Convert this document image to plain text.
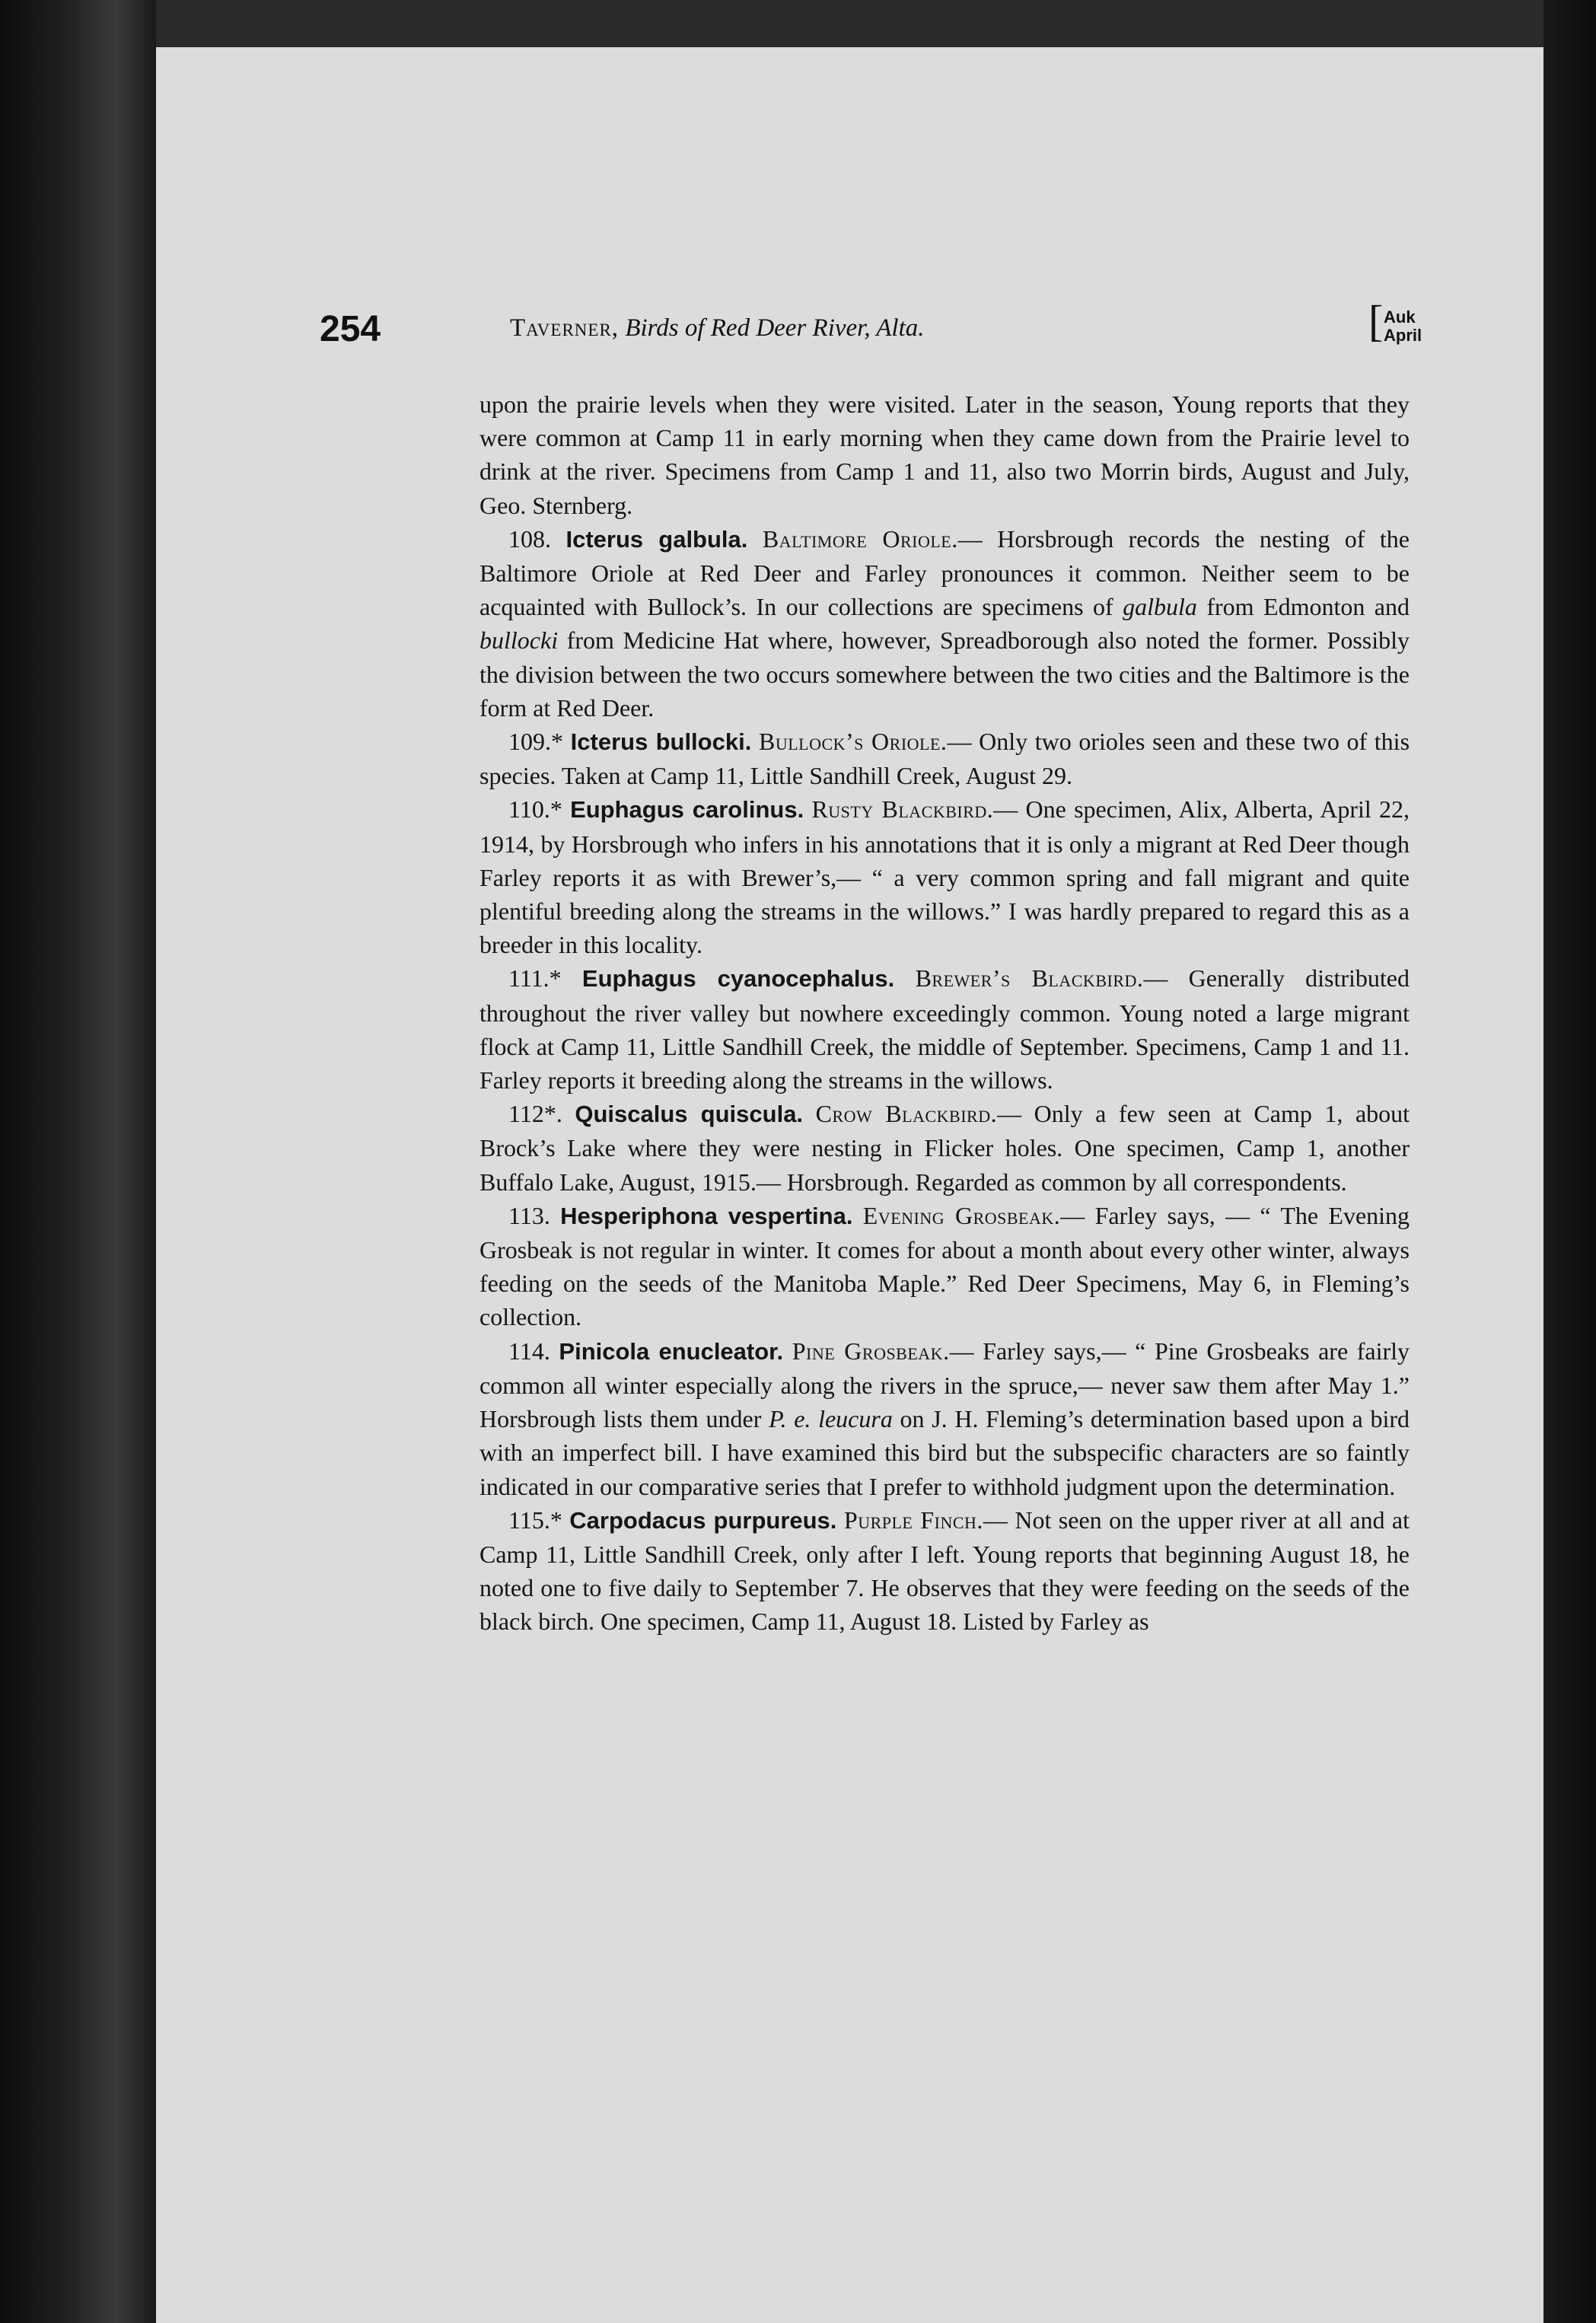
254	Taverner, Birds of Red Deer River, Alta.	[ Auk
April

upon the prairie levels when they were visited. Later in the season, Young reports that they were common at Camp 11 in early morning when they came down from the Prairie level to drink at the river. Specimens from Camp 1 and 11, also two Morrin birds, August and July, Geo. Sternberg.

108. Icterus galbula. Baltimore Oriole.— Horsbrough records the nesting of the Baltimore Oriole at Red Deer and Farley pronounces it common. Neither seem to be acquainted with Bullock’s. In our collections are specimens of galbula from Edmonton and bullocki from Medicine Hat where, however, Spreadborough also noted the former. Possibly the division between the two occurs somewhere between the two cities and the Baltimore is the form at Red Deer.

109.* Icterus bullocki. Bullock’s Oriole.— Only two orioles seen and these two of this species. Taken at Camp 11, Little Sandhill Creek, August 29.

110.* Euphagus carolinus. Rusty Blackbird.— One specimen, Alix, Alberta, April 22, 1914, by Horsbrough who infers in his annotations that it is only a migrant at Red Deer though Farley reports it as with Brewer’s,— “ a very common spring and fall migrant and quite plentiful breeding along the streams in the willows.” I was hardly prepared to regard this as a breeder in this locality.

111.* Euphagus cyanocephalus. Brewer’s Blackbird.— Generally distributed throughout the river valley but nowhere exceedingly common. Young noted a large migrant flock at Camp 11, Little Sandhill Creek, the middle of September. Specimens, Camp 1 and 11. Farley reports it breeding along the streams in the willows.

112*. Quiscalus quiscula. Crow Blackbird.— Only a few seen at Camp 1, about Brock’s Lake where they were nesting in Flicker holes. One specimen, Camp 1, another Buffalo Lake, August, 1915.— Horsbrough. Regarded as common by all correspondents.

113. Hesperiphona vespertina. Evening Grosbeak.— Farley says, — “ The Evening Grosbeak is not regular in winter. It comes for about a month about every other winter, always feeding on the seeds of the Manitoba Maple.” Red Deer Specimens, May 6, in Fleming’s collection.

114. Pinicola enucleator. Pine Grosbeak.— Farley says,— “ Pine Grosbeaks are fairly common all winter especially along the rivers in the spruce,— never saw them after May 1.” Horsbrough lists them under P. e. leucura on J. H. Fleming’s determination based upon a bird with an imperfect bill. I have examined this bird but the subspecific characters are so faintly indicated in our comparative series that I prefer to withhold judgment upon the determination.

115.* Carpodacus purpureus. Purple Finch.— Not seen on the upper river at all and at Camp 11, Little Sandhill Creek, only after I left. Young reports that beginning August 18, he noted one to five daily to September 7. He observes that they were feeding on the seeds of the black birch. One specimen, Camp 11, August 18. Listed by Farley as
